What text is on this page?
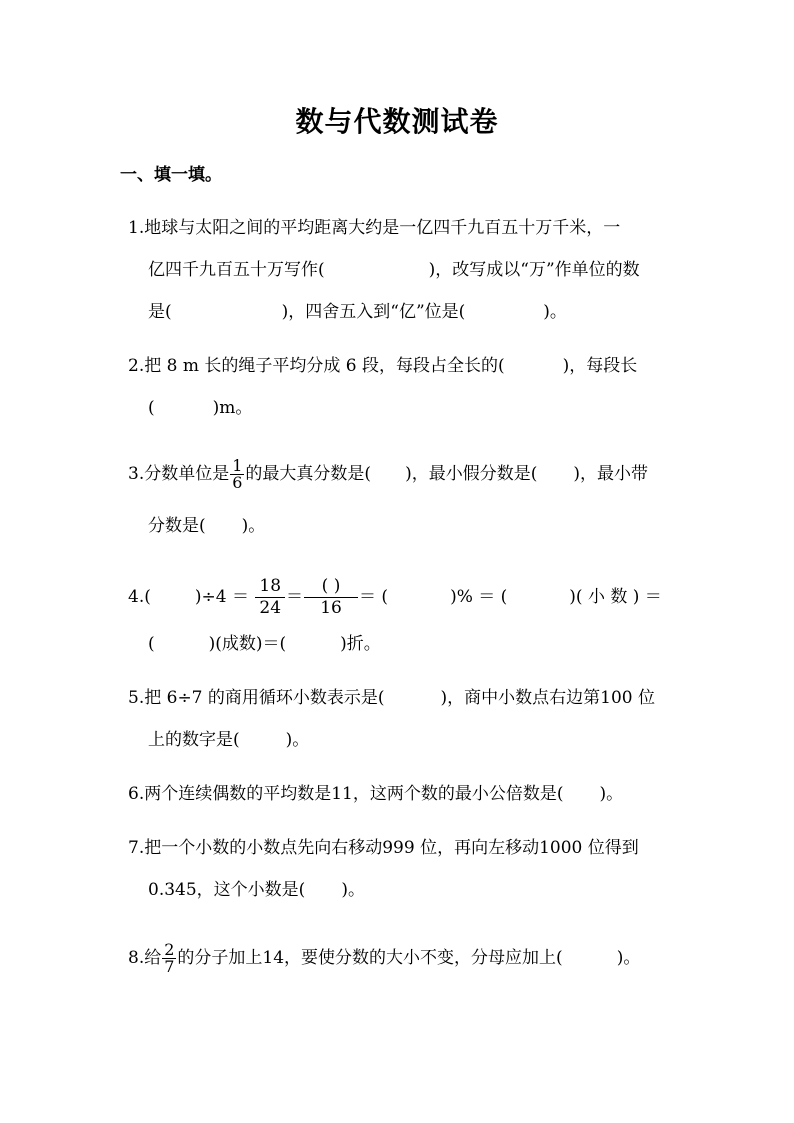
数与代数测试卷
一、填一填。
1.地球与太阳之间的平均距离大约是一亿四千九百五十万千米，一
亿四千九百五十万写作(	)，改写成以“万”作单位的数
是(	)，四舍五入到“亿”位是(	)。
2.把 8 m 长的绳子平均分成 6 段，每段占全长的(	)，每段长
(	)m。
3.分数单位是 $\frac{1}{6}$ 的最大真分数是( )，最小假分数是( )，最小带
分数是( )。
4.(	)$\div 4 = \frac{18}{24} = \frac{( )}{16}$ ＝ (	)% ＝ (	)( 小 数 ) ＝
(	)(成数)＝(	)折。
5.把 6÷7 的商用循环小数表示是(	)，商中小数点右边第100 位
上的数字是(	)。
6.两个连续偶数的平均数是11，这两个数的最小公倍数是( )。
7.把一个小数的小数点先向右移动999 位，再向左移动1000 位得到
0.345，这个小数是( )。
8.给 $\frac{2}{7}$ 的分子加上14，要使分数的大小不变，分母应加上(	)。
